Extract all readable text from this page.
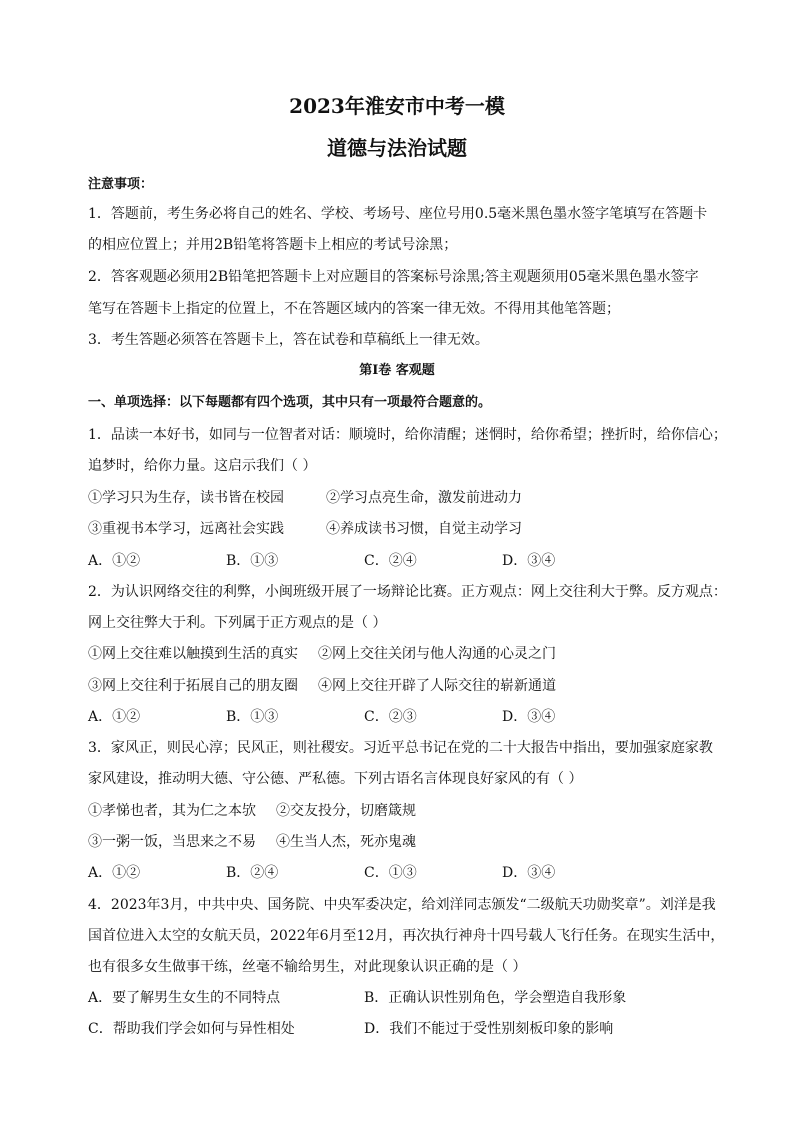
2023年淮安市中考一模
道德与法治试题
注意事项：
1．答题前，考生务必将自己的姓名、学校、考场号、座位号用0.5毫米黑色墨水签字笔填写在答题卡
的相应位置上；并用2B铅笔将答题卡上相应的考试号涂黑；
2．答客观题必须用2B铅笔把答题卡上对应题目的答案标号涂黑;答主观题须用05毫米黑色墨水签字
笔写在答题卡上指定的位置上，不在答题区域内的答案一律无效。不得用其他笔答题；
3．考生答题必须答在答题卡上，答在试卷和草稿纸上一律无效。
第Ⅰ卷 客观题
一、单项选择：以下每题都有四个选项，其中只有一项最符合题意的。
1．品读一本好书，如同与一位智者对话：顺境时，给你清醒；迷惘时，给你希望；挫折时，给你信心；
追梦时，给你力量。这启示我们（ ）
①学习只为生存，读书皆在校园	②学习点亮生命，激发前进动力
③重视书本学习，远离社会实践	④养成读书习惯，自觉主动学习
A．①②	B．①③	C．②④	D．③④
2．为认识网络交往的利弊，小闽班级开展了一场辩论比赛。正方观点：网上交往利大于弊。反方观点：
网上交往弊大于利。下列属于正方观点的是（ ）
①网上交往难以触摸到生活的真实 ②网上交往关闭与他人沟通的心灵之门
③网上交往利于拓展自己的朋友圈 ④网上交往开辟了人际交往的崭新通道
A．①②	B．①③	C．②③	D．③④
3．家风正，则民心淳；民风正，则社稷安。习近平总书记在党的二十大报告中指出，要加强家庭家教
家风建设，推动明大德、守公德、严私德。下列古语名言体现良好家风的有（ ）
①孝悌也者，其为仁之本欤 ②交友投分，切磨箴规
③一粥一饭，当思来之不易 ④生当人杰，死亦鬼魂
A．①②	B．②④	C．①③	D．③④
4．2023年3月，中共中央、国务院、中央军委决定，给刘洋同志颁发“二级航天功勋奖章”。刘洋是我
国首位进入太空的女航天员，2022年6月至12月，再次执行神舟十四号载人飞行任务。在现实生活中，
也有很多女生做事干练，丝毫不输给男生，对此现象认识正确的是（ ）
A．要了解男生女生的不同特点	B．正确认识性别角色，学会塑造自我形象
C．帮助我们学会如何与异性相处	D．我们不能过于受性别刻板印象的影响
